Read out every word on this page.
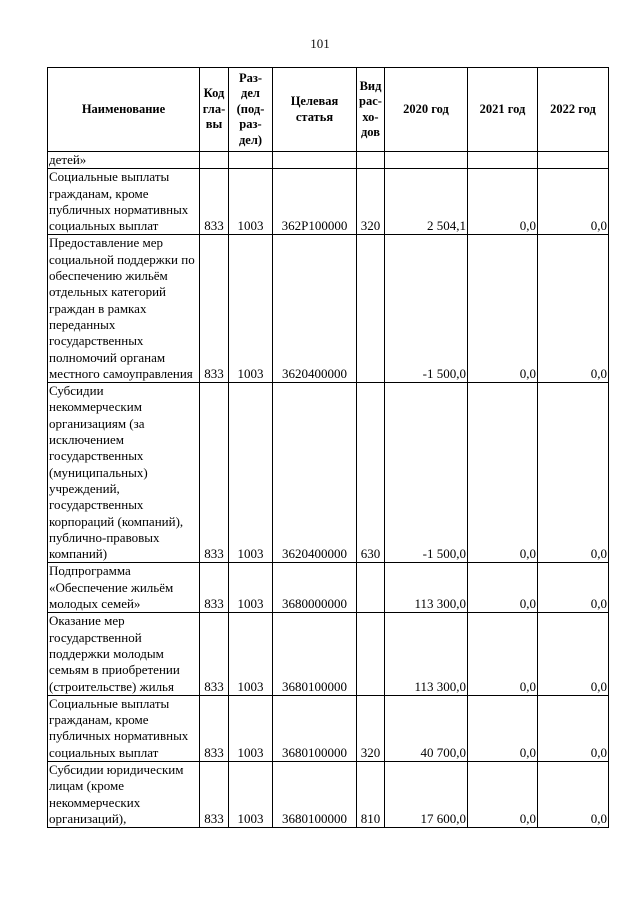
101
Наименование	Код гла- вы	Раз- дел (под- раз- дел)	Целевая статья	Вид рас- хо- дов	2020 год	2021 год	2022 год
детей»							
Социальные выплаты гражданам, кроме публичных нормативных социальных выплат	833	1003	362P100000	320	2 504,1	0,0	0,0
Предоставление мер социальной поддержки по обеспечению жильём отдельных категорий граждан в рамках переданных государственных полномочий органам местного самоуправления	833	1003	3620400000		-1 500,0	0,0	0,0
Субсидии некоммерческим организациям (за исключением государственных (муниципальных) учреждений, государственных корпораций (компаний), публично-правовых компаний)	833	1003	3620400000	630	-1 500,0	0,0	0,0
Подпрограмма «Обеспечение жильём молодых семей»	833	1003	3680000000		113 300,0	0,0	0,0
Оказание мер государственной поддержки молодым семьям в приобретении (строительстве) жилья	833	1003	3680100000		113 300,0	0,0	0,0
Социальные выплаты гражданам, кроме публичных нормативных социальных выплат	833	1003	3680100000	320	40 700,0	0,0	0,0
Субсидии юридическим лицам (кроме некоммерческих организаций),	833	1003	3680100000	810	17 600,0	0,0	0,0
